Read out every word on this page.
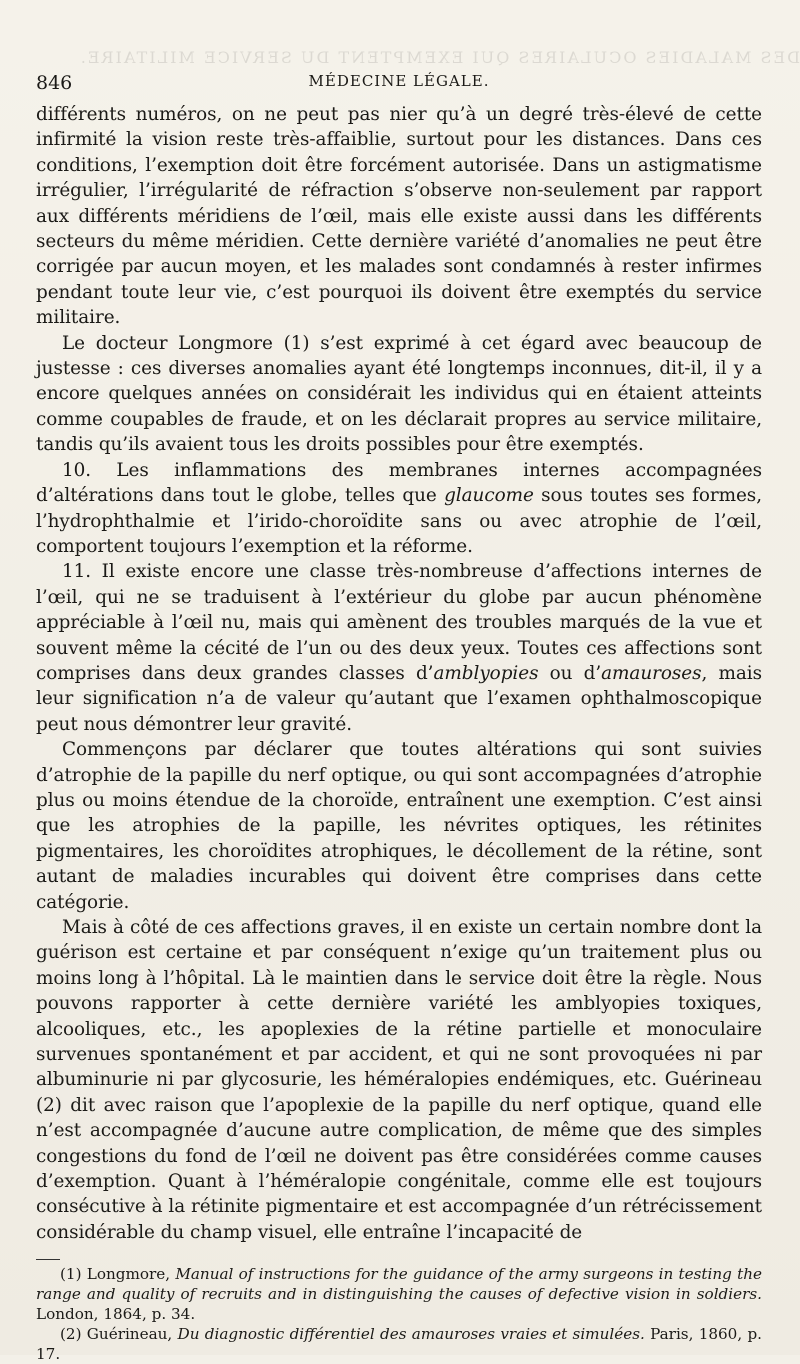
DES MALADIES OCULAIRES QUI EXEMPTENT DU SERVICE MILITAIRE.
846	MÉDECINE LÉGALE.

différents numéros, on ne peut pas nier qu’à un degré très-élevé de cette infirmité la vision reste très-affaiblie, surtout pour les distances. Dans ces conditions, l’exemption doit être forcément autorisée. Dans un astigmatisme irrégulier, l’irrégularité de réfraction s’observe non-seulement par rapport aux différents méridiens de l’œil, mais elle existe aussi dans les différents secteurs du même méridien. Cette dernière variété d’anomalies ne peut être corrigée par aucun moyen, et les malades sont condamnés à rester infirmes pendant toute leur vie, c’est pourquoi ils doivent être exemptés du service militaire.

Le docteur Longmore (1) s’est exprimé à cet égard avec beaucoup de justesse : ces diverses anomalies ayant été longtemps inconnues, dit-il, il y a encore quelques années on considérait les individus qui en étaient atteints comme coupables de fraude, et on les déclarait propres au service militaire, tandis qu’ils avaient tous les droits possibles pour être exemptés.

10. Les inflammations des membranes internes accompagnées d’altérations dans tout le globe, telles que glaucome sous toutes ses formes, l’hydrophthalmie et l’irido-choroïdite sans ou avec atrophie de l’œil, comportent toujours l’exemption et la réforme.

11. Il existe encore une classe très-nombreuse d’affections internes de l’œil, qui ne se traduisent à l’extérieur du globe par aucun phénomène appréciable à l’œil nu, mais qui amènent des troubles marqués de la vue et souvent même la cécité de l’un ou des deux yeux. Toutes ces affections sont comprises dans deux grandes classes d’amblyopies ou d’amauroses, mais leur signification n’a de valeur qu’autant que l’examen ophthalmoscopique peut nous démontrer leur gravité.

Commençons par déclarer que toutes altérations qui sont suivies d’atrophie de la papille du nerf optique, ou qui sont accompagnées d’atrophie plus ou moins étendue de la choroïde, entraînent une exemption. C’est ainsi que les atrophies de la papille, les névrites optiques, les rétinites pigmentaires, les choroïdites atrophiques, le décollement de la rétine, sont autant de maladies incurables qui doivent être comprises dans cette catégorie.

Mais à côté de ces affections graves, il en existe un certain nombre dont la guérison est certaine et par conséquent n’exige qu’un traitement plus ou moins long à l’hôpital. Là le maintien dans le service doit être la règle. Nous pouvons rapporter à cette dernière variété les amblyopies toxiques, alcooliques, etc., les apoplexies de la rétine partielle et monoculaire survenues spontanément et par accident, et qui ne sont provoquées ni par albuminurie ni par glycosurie, les héméralopies endémiques, etc. Guérineau (2) dit avec raison que l’apoplexie de la papille du nerf optique, quand elle n’est accompagnée d’aucune autre complication, de même que des simples congestions du fond de l’œil ne doivent pas être considérées comme causes d’exemption. Quant à l’héméralopie congénitale, comme elle est toujours consécutive à la rétinite pigmentaire et est accompagnée d’un rétrécissement considérable du champ visuel, elle entraîne l’incapacité de

(1) Longmore, Manual of instructions for the guidance of the army surgeons in testing the range and quality of recruits and in distinguishing the causes of defective vision in soldiers. London, 1864, p. 34.

(2) Guérineau, Du diagnostic différentiel des amauroses vraies et simulées. Paris, 1860, p. 17.
